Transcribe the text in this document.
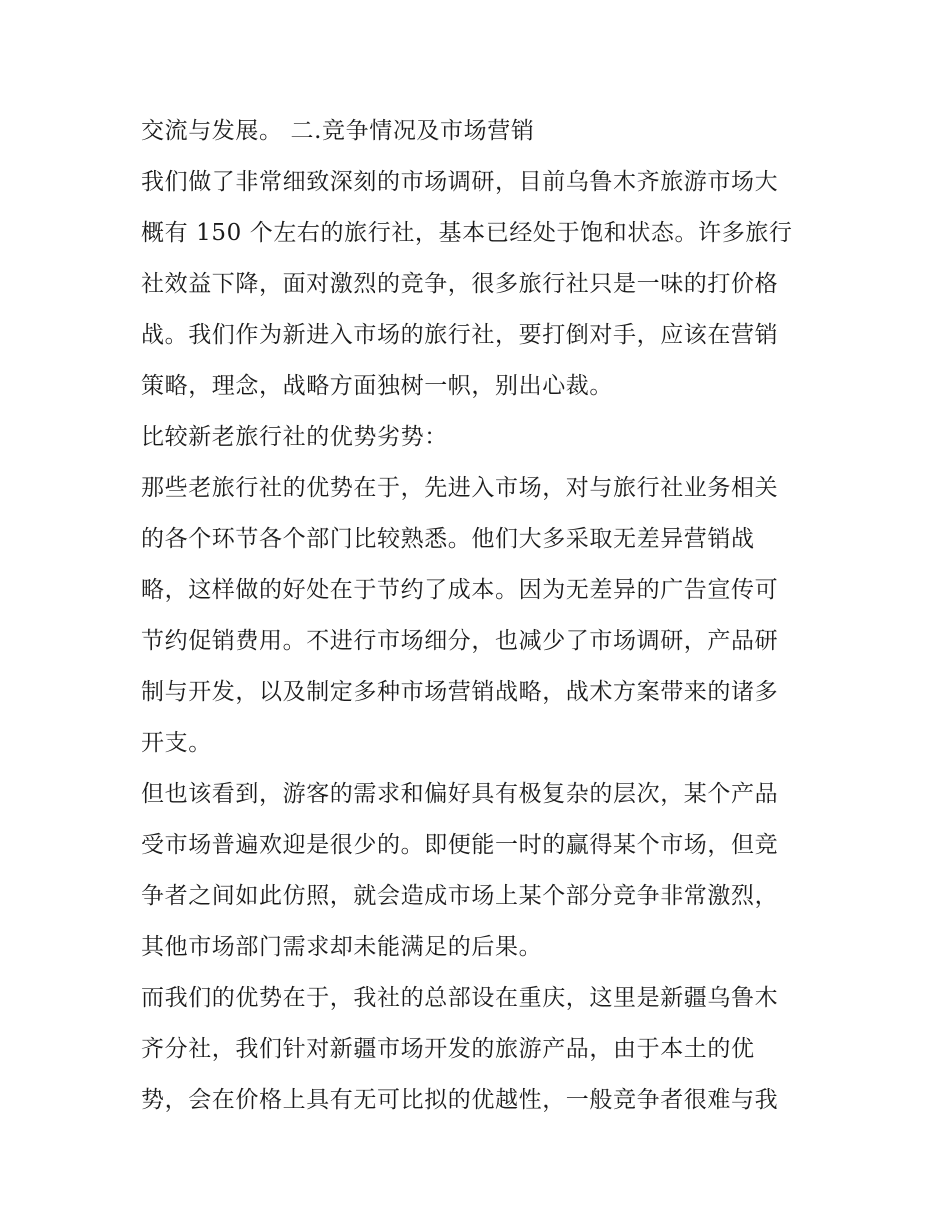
交流与发展。 二.竞争情况及市场营销
我们做了非常细致深刻的市场调研，目前乌鲁木齐旅游市场大
概有 150 个左右的旅行社，基本已经处于饱和状态。许多旅行
社效益下降，面对激烈的竞争，很多旅行社只是一味的打价格
战。我们作为新进入市场的旅行社，要打倒对手，应该在营销
策略，理念，战略方面独树一帜，别出心裁。
比较新老旅行社的优势劣势：
那些老旅行社的优势在于，先进入市场，对与旅行社业务相关
的各个环节各个部门比较熟悉。他们大多采取无差异营销战
略，这样做的好处在于节约了成本。因为无差异的广告宣传可
节约促销费用。不进行市场细分，也减少了市场调研，产品研
制与开发，以及制定多种市场营销战略，战术方案带来的诸多
开支。
但也该看到，游客的需求和偏好具有极复杂的层次，某个产品
受市场普遍欢迎是很少的。即便能一时的赢得某个市场，但竞
争者之间如此仿照，就会造成市场上某个部分竞争非常激烈，
其他市场部门需求却未能满足的后果。
而我们的优势在于，我社的总部设在重庆，这里是新疆乌鲁木
齐分社，我们针对新疆市场开发的旅游产品，由于本土的优
势，会在价格上具有无可比拟的优越性，一般竞争者很难与我
